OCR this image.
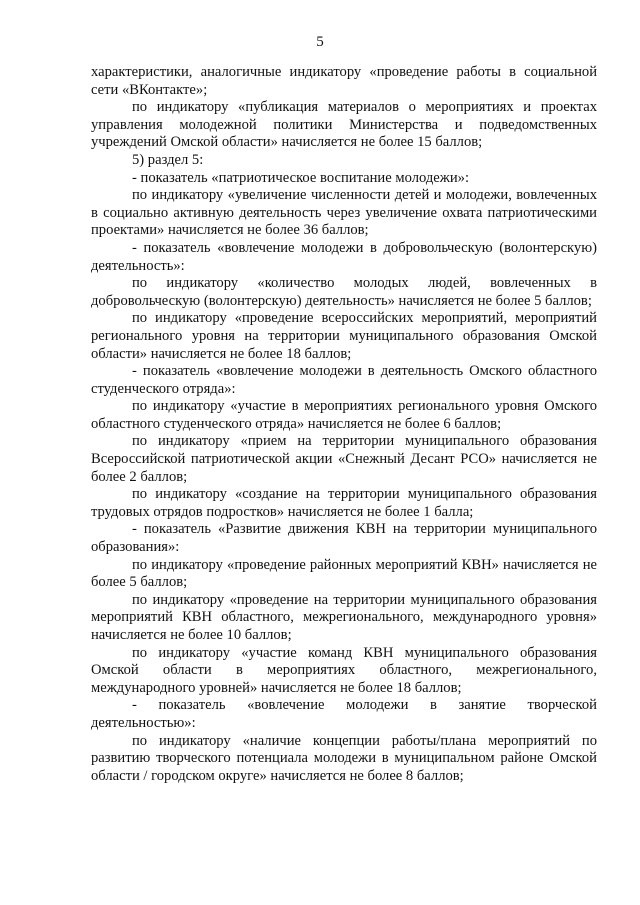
5

характеристики, аналогичные индикатору «проведение работы в социальной сети «ВКонтакте»;

по индикатору «публикация материалов о мероприятиях и проектах управления молодежной политики Министерства и подведомственных учреждений Омской области» начисляется не более 15 баллов;

5) раздел 5:

- показатель «патриотическое воспитание молодежи»:

по индикатору «увеличение численности детей и молодежи, вовлеченных в социально активную деятельность через увеличение охвата патриотическими проектами» начисляется не более 36 баллов;

- показатель «вовлечение молодежи в добровольческую (волонтерскую) деятельность»:

по индикатору «количество молодых людей, вовлеченных в добровольческую (волонтерскую) деятельность» начисляется не более 5 баллов;

по индикатору «проведение всероссийских мероприятий, мероприятий регионального уровня на территории муниципального образования Омской области» начисляется не более 18 баллов;

- показатель «вовлечение молодежи в деятельность Омского областного студенческого отряда»:

по индикатору «участие в мероприятиях регионального уровня Омского областного студенческого отряда» начисляется не более 6 баллов;

по индикатору «прием на территории муниципального образования Всероссийской патриотической акции «Снежный Десант РСО» начисляется не более 2 баллов;

по индикатору «создание на территории муниципального образования трудовых отрядов подростков» начисляется не более 1 балла;

- показатель «Развитие движения КВН на территории муниципального образования»:

по индикатору «проведение районных мероприятий КВН» начисляется не более 5 баллов;

по индикатору «проведение на территории муниципального образования мероприятий КВН областного, межрегионального, международного уровня» начисляется не более 10 баллов;

по индикатору «участие команд КВН муниципального образования Омской области в мероприятиях областного, межрегионального, международного уровней» начисляется не более 18 баллов;

- показатель «вовлечение молодежи в занятие творческой деятельностью»:

по индикатору «наличие концепции работы/плана мероприятий по развитию творческого потенциала молодежи в муниципальном районе Омской области / городском округе» начисляется не более 8 баллов;
